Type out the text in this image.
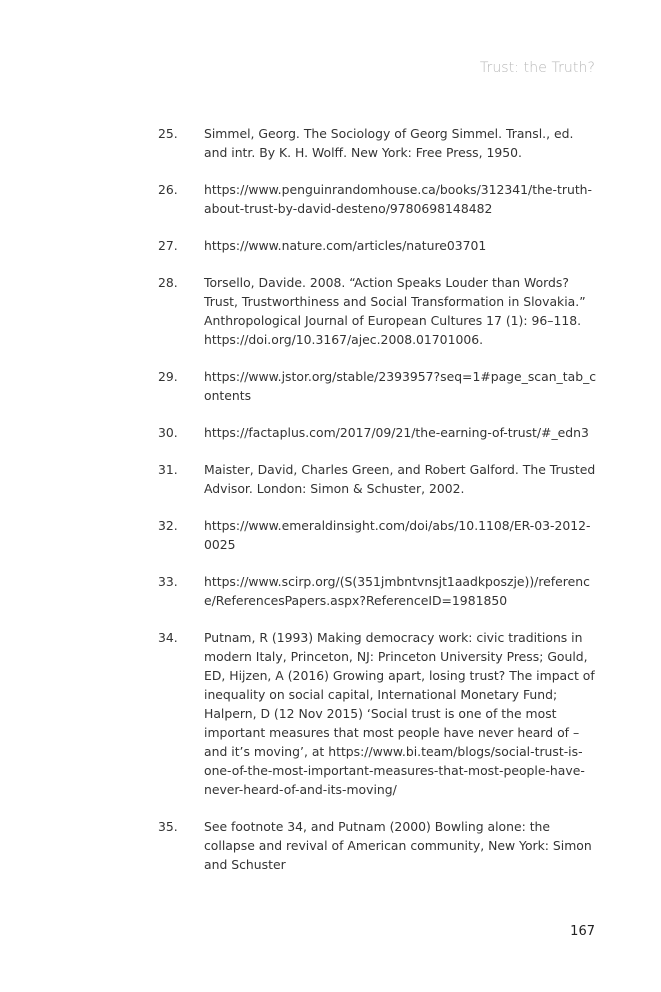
Trust: the Truth?
25.	Simmel, Georg. The Sociology of Georg Simmel. Transl., ed. and intr. By K. H. Wolff. New York: Free Press, 1950.
26.	https://www.penguinrandomhouse.ca/books/312341/the-truth-about-trust-by-david-desteno/9780698148482
27.	https://www.nature.com/articles/nature03701
28.	Torsello, Davide. 2008. “Action Speaks Louder than Words? Trust, Trustworthiness and Social Transformation in Slovakia.” Anthropological Journal of European Cultures 17 (1): 96–118. https://doi.org/10.3167/ajec.2008.01701006.
29.	https://www.jstor.org/stable/2393957?seq=1#page_scan_tab_contents
30.	https://factaplus.com/2017/09/21/the-earning-of-trust/#_edn3
31.	Maister, David, Charles Green, and Robert Galford. The Trusted Advisor. London: Simon & Schuster, 2002.
32.	https://www.emeraldinsight.com/doi/abs/10.1108/ER-03-2012-0025
33.	https://www.scirp.org/(S(351jmbntvnsjt1aadkposzje))/reference/ReferencesPapers.aspx?ReferenceID=1981850
34.	Putnam, R (1993) Making democracy work: civic traditions in modern Italy, Princeton, NJ: Princeton University Press; Gould, ED, Hijzen, A (2016) Growing apart, losing trust? The impact of inequality on social capital, International Monetary Fund; Halpern, D (12 Nov 2015) ‘Social trust is one of the most important measures that most people have never heard of – and it’s moving’, at https://www.bi.team/blogs/social-trust-is-one-of-the-most-important-measures-that-most-people-have-never-heard-of-and-its-moving/
35.	See footnote 34, and Putnam (2000) Bowling alone: the collapse and revival of American community, New York: Simon and Schuster
167
